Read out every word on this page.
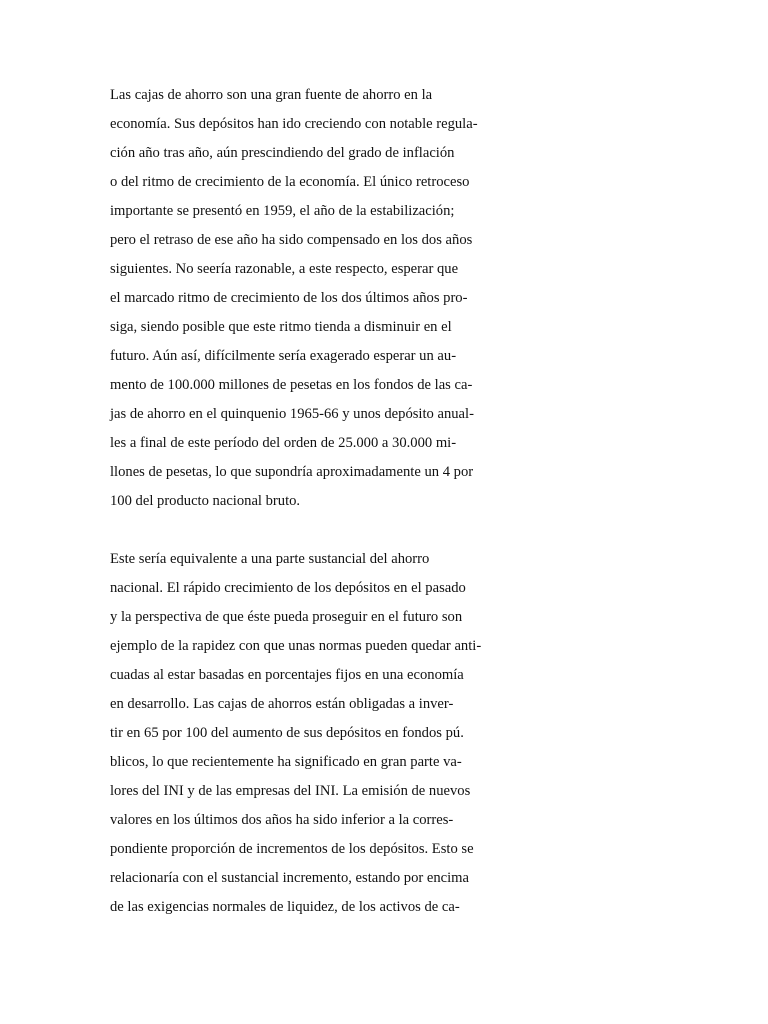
Las cajas de ahorro son una gran fuente de ahorro en la
economía. Sus depósitos han ido creciendo con notable regula-
ción año tras año, aún prescindiendo del grado de inflación
o del ritmo de crecimiento de la economía. El único retroceso
importante se presentó en 1959, el año de la estabilización;
pero el retraso de ese año ha sido compensado en los dos años
siguientes. No seería razonable, a este respecto, esperar que
el marcado ritmo de crecimiento de los dos últimos años pro-
siga, siendo posible que este ritmo tienda a disminuir en el
futuro. Aún así, difícilmente sería exagerado esperar un au-
mento de 100.000 millones de pesetas en los fondos de las ca-
jas de ahorro en el quinquenio 1965-66 y unos depósito anual-
les a final de este período del orden de 25.000 a 30.000 mi-
llones de pesetas, lo que supondría aproximadamente un 4 por
100 del producto nacional bruto.
Este sería equivalente a una parte sustancial del ahorro
nacional. El rápido crecimiento de los depósitos en el pasado
y la perspectiva de que éste pueda proseguir en el futuro son
ejemplo de la rapidez con que unas normas pueden quedar anti-
cuadas al estar basadas en porcentajes fijos en una economía
en desarrollo. Las cajas de ahorros están obligadas a inver-
tir en 65 por 100 del aumento de sus depósitos en fondos pú.
blicos, lo que recientemente ha significado en gran parte va-
lores del INI y de las empresas del INI. La emisión de nuevos
valores en los últimos dos años ha sido inferior a la corres-
pondiente proporción de incrementos de los depósitos. Esto se
relacionaría con el sustancial incremento, estando por encima
de las exigencias normales de liquidez, de los activos de ca-
